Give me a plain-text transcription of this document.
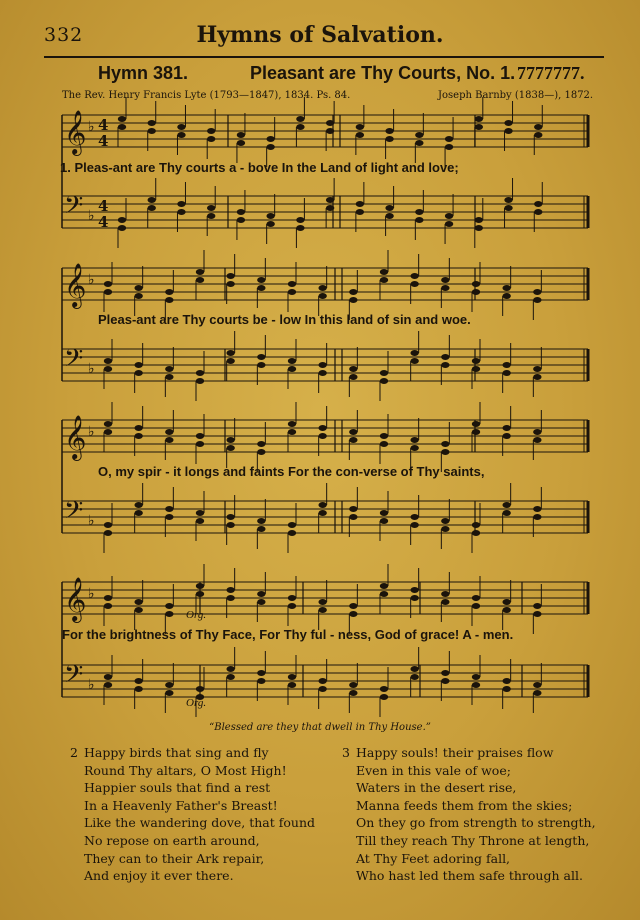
332	Hymns of Salvation.
Hymn 381.	Pleasant are Thy Courts, No. 1. 7777777.
The Rev. Henry Francis Lyte (1793—1847), 1834. Ps. 84.	Joseph Barnby (1838—), 1872.
𝄞 ♭ 4
4
𝄢 ♭
4
4
𝄞 ♭
𝄢 ♭
𝄞 ♭
𝄢 ♭
𝄞 ♭
𝄢 ♭
1. Pleas-ant are Thy courts a - bove In the Land of light and love;
Pleas-ant are Thy courts be - low In this land of sin and woe.
O, my spir - it longs and faints For the con-verse of Thy saints,
For the brightness of Thy Face, For Thy ful - ness, God of grace! A - men.
Org.
Org.
“Blessed are they that dwell in Thy House.”
2 Happy birds that sing and fly
Round Thy altars, O Most High!
Happier souls that find a rest
In a Heavenly Father's Breast!
Like the wandering dove, that found
No repose on earth around,
They can to their Ark repair,
And enjoy it ever there.
3 Happy souls! their praises flow
Even in this vale of woe;
Waters in the desert rise,
Manna feeds them from the skies;
On they go from strength to strength,
Till they reach Thy Throne at length,
At Thy Feet adoring fall,
Who hast led them safe through all.
